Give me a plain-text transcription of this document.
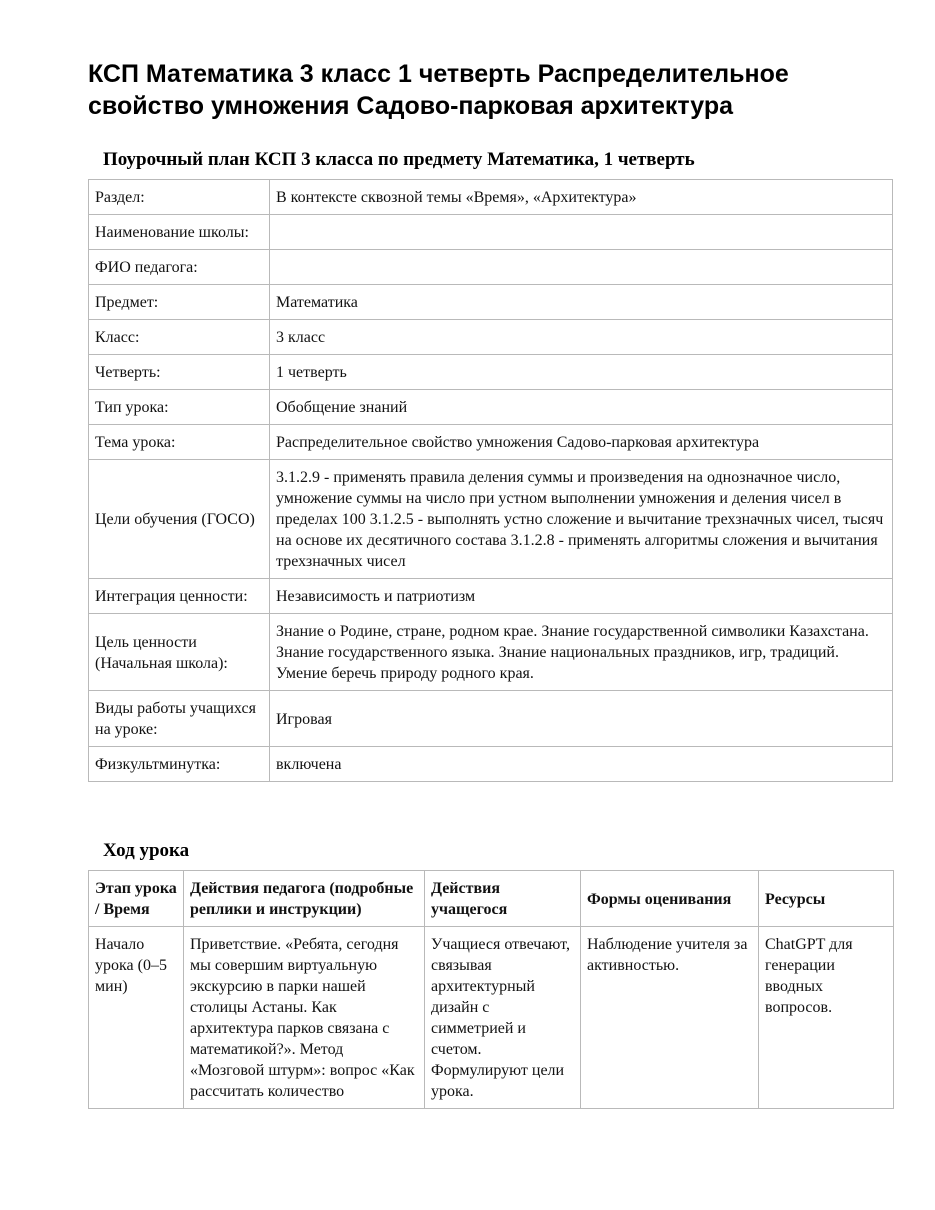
КСП Математика 3 класс 1 четверть Распределительное свойство умножения Садово-парковая архитектура
Поурочный план КСП 3 класса по предмету Математика, 1 четверть
Раздел:	В контексте сквозной темы «Время», «Архитектура»
Наименование школы:	
ФИО педагога:	
Предмет:	Математика
Класс:	3 класс
Четверть:	1 четверть
Тип урока:	Обобщение знаний
Тема урока:	Распределительное свойство умножения Садово-парковая архитектура
Цели обучения (ГОСО)	3.1.2.9 - применять правила деления суммы и произведения на однозначное число, умножение суммы на число при устном выполнении умножения и деления чисел в пределах 100 3.1.2.5 - выполнять устно сложение и вычитание трехзначных чисел, тысяч на основе их десятичного состава 3.1.2.8 - применять алгоритмы сложения и вычитания трехзначных чисел
Интеграция ценности:	Независимость и патриотизм
Цель ценности (Начальная школа):	Знание о Родине, стране, родном крае. Знание государственной символики Казахстана. Знание государственного языка. Знание национальных праздников, игр, традиций. Умение беречь природу родного края.
Виды работы учащихся на уроке:	Игровая
Физкультминутка:	включена
Ход урока
Этап урока / Время	Действия педагога (подробные реплики и инструкции)	Действия учащегося	Формы оценивания	Ресурсы
Начало урока (0–5 мин)	Приветствие. «Ребята, сегодня мы совершим виртуальную экскурсию в парки нашей столицы Астаны. Как архитектура парков связана с математикой?». Метод «Мозговой штурм»: вопрос «Как рассчитать количество	Учащиеся отвечают, связывая архитектурный дизайн с симметрией и счетом. Формулируют цели урока.	Наблюдение учителя за активностью.	ChatGPT для генерации вводных вопросов.
